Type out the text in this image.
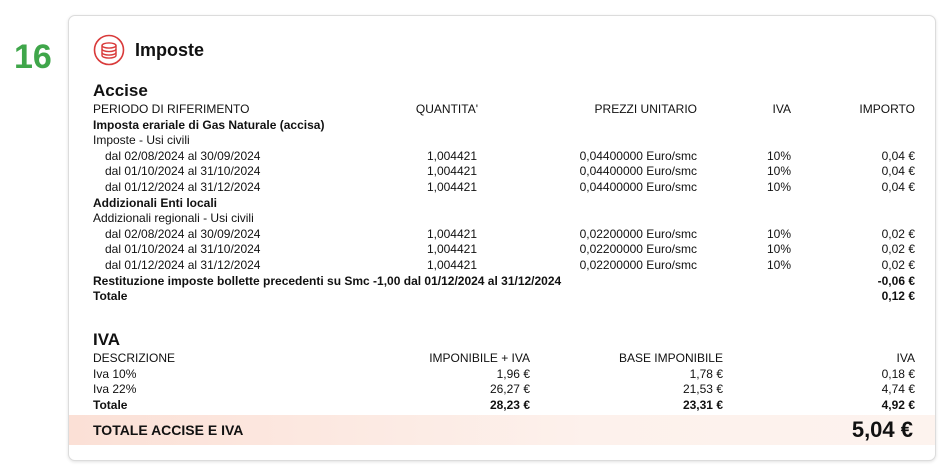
16	Imposte
Accise
PERIODO DI RIFERIMENTO	QUANTITA'	PREZZI UNITARIO	IVA	IMPORTO
Imposta erariale di Gas Naturale (accisa)
Imposte - Usi civili
dal 02/08/2024 al 30/09/2024	1,004421	0,04400000 Euro/smc	10%	0,04 €
dal 01/10/2024 al 31/10/2024	1,004421	0,04400000 Euro/smc	10%	0,04 €
dal 01/12/2024 al 31/12/2024	1,004421	0,04400000 Euro/smc	10%	0,04 €
Addizionali Enti locali
Addizionali regionali - Usi civili
dal 02/08/2024 al 30/09/2024	1,004421	0,02200000 Euro/smc	10%	0,02 €
dal 01/10/2024 al 31/10/2024	1,004421	0,02200000 Euro/smc	10%	0,02 €
dal 01/12/2024 al 31/12/2024	1,004421	0,02200000 Euro/smc	10%	0,02 €
Restituzione imposte bollette precedenti su Smc -1,00 dal 01/12/2024 al 31/12/2024	-0,06 €
Totale	0,12 €
IVA
DESCRIZIONE	IMPONIBILE + IVA	BASE IMPONIBILE	IVA
Iva 10%	1,96 €	1,78 €	0,18 €
Iva 22%	26,27 €	21,53 €	4,74 €
Totale	28,23 €	23,31 €	4,92 €
TOTALE ACCISE E IVA	5,04 €
